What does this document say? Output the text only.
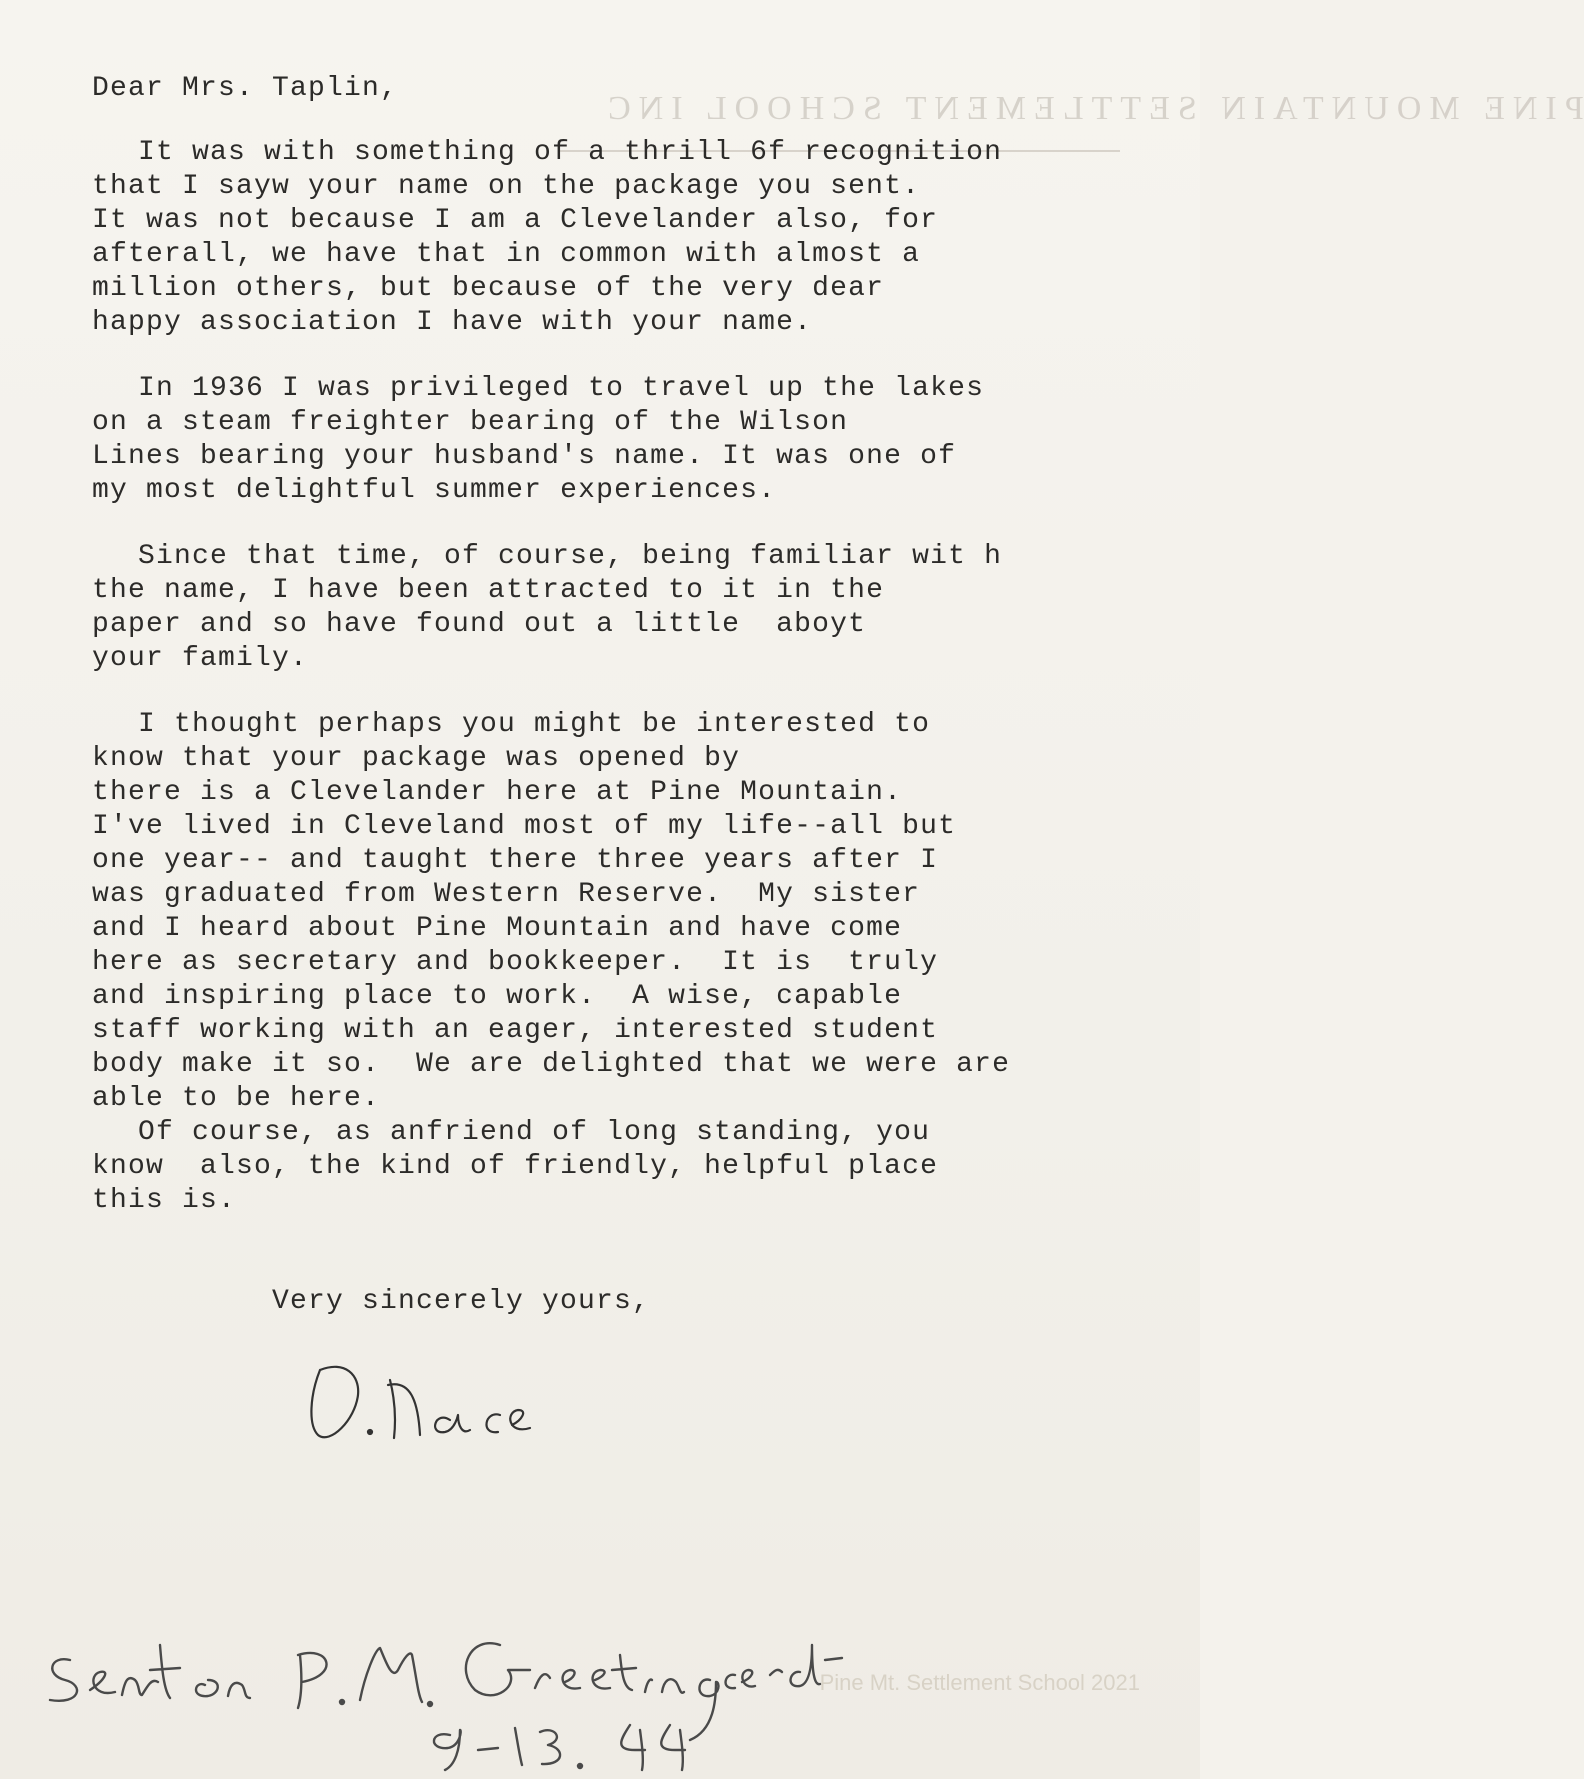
PINE MOUNTAIN SETTLEMENT SCHOOL INC
Dear Mrs. Taplin,
It was with something of a thrill 6f recognition
that I sayw your name on the package you sent.
It was not because I am a Clevelander also, for
afterall, we have that in common with almost a
million others, but because of the very dear
happy association I have with your name.
In 1936 I was privileged to travel up the lakes
on a steam freighter bearing of the Wilson
Lines bearing your husband's name. It was one of
my most delightful summer experiences.
Since that time, of course, being familiar wit h
the name, I have been attracted to it in the
paper and so have found out a little  aboyt
your family.
I thought perhaps you might be interested to
know that your package was opened by
there is a Clevelander here at Pine Mountain.
I've lived in Cleveland most of my life--all but
one year-- and taught there three years after I
was graduated from Western Reserve.  My sister
and I heard about Pine Mountain and have come
here as secretary and bookkeeper.  It is  truly
and inspiring place to work.  A wise, capable
staff working with an eager, interested student
body make it so.  We are delighted that we were are
able to be here.
Of course, as anfriend of long standing, you
know  also, the kind of friendly, helpful place
this is.
Very sincerely yours,
Pine Mt. Settlement School 2021
